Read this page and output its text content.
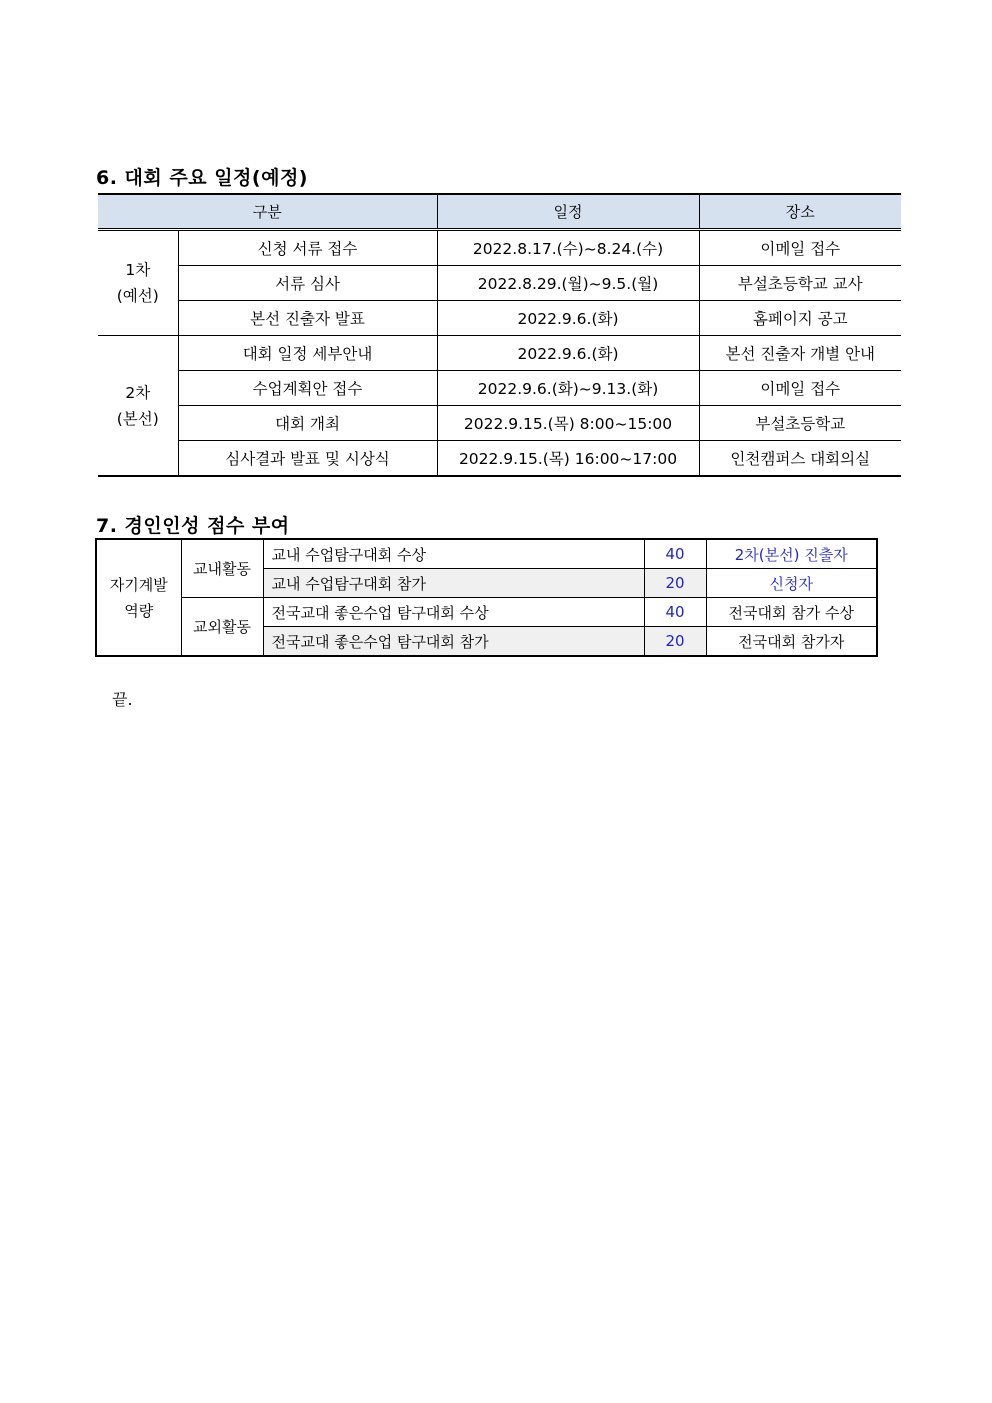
6. 대회 주요 일정(예정)
구분		일정	장소
1차
(예선)	신청 서류 접수	2022.8.17.(수)~8.24.(수)	이메일 접수
	서류 심사	2022.8.29.(월)~9.5.(월)	부설초등학교 교사
	본선 진출자 발표	2022.9.6.(화)	홈페이지 공고
2차
(본선)	대회 일정 세부안내	2022.9.6.(화)	본선 진출자 개별 안내
	수업계획안 접수	2022.9.6.(화)~9.13.(화)	이메일 접수
	대회 개최	2022.9.15.(목) 8:00~15:00	부설초등학교
	심사결과 발표 및 시상식	2022.9.15.(목) 16:00~17:00	인천캠퍼스 대회의실
7. 경인인성 점수 부여
자기계발
역량	교내활동	교내 수업탐구대회 수상	40	2차(본선) 진출자
		교내 수업탐구대회 참가	20	신청자
	교외활동	전국교대 좋은수업 탐구대회 수상	40	전국대회 참가 수상
		전국교대 좋은수업 탐구대회 참가	20	전국대회 참가자
끝.
